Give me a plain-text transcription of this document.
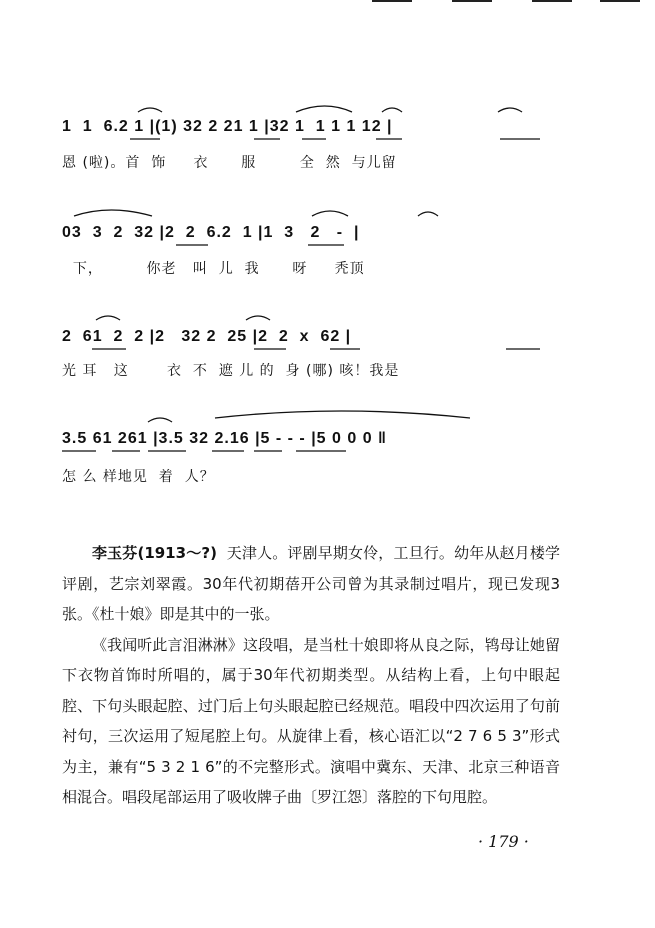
1  1  6.2 1 |(1) 32 2 21 1 |32 1  1 1 1 12 |
恩 (啦)。首  饰     衣      服        全  然  与儿留
03  3  2  32 |2  2  6.2  1 |1  3   2   -  |
下，        你老   叫  儿  我      呀     秃顶
2  61  2  2 |2   32 2  25 |2  2  x  62 |
光 耳   这       衣  不  遮 儿 的  身 (哪) 咳！我是
3.5 61 261 |3.5 32 2.16 |5 - - - |5 0 0 0 ‖
怎 么 样地见  着  人？

李玉芬(1913～?) 天津人。评剧早期女伶，工旦行。幼年从赵月楼学评剧，艺宗刘翠霞。30年代初期蓓开公司曾为其录制过唱片，现已发现3张。《杜十娘》即是其中的一张。

《我闻听此言泪淋淋》这段唱，是当杜十娘即将从良之际，鸨母让她留下衣物首饰时所唱的，属于30年代初期类型。从结构上看，上句中眼起腔、下句头眼起腔、过门后上句头眼起腔已经规范。唱段中四次运用了句前衬句，三次运用了短尾腔上句。从旋律上看，核心语汇以“2 7 6 5 3”形式为主，兼有“5 3 2 1 6”的不完整形式。演唱中冀东、天津、北京三种语音相混合。唱段尾部运用了吸收牌子曲〔罗江怨〕落腔的下句甩腔。

· 179 ·
